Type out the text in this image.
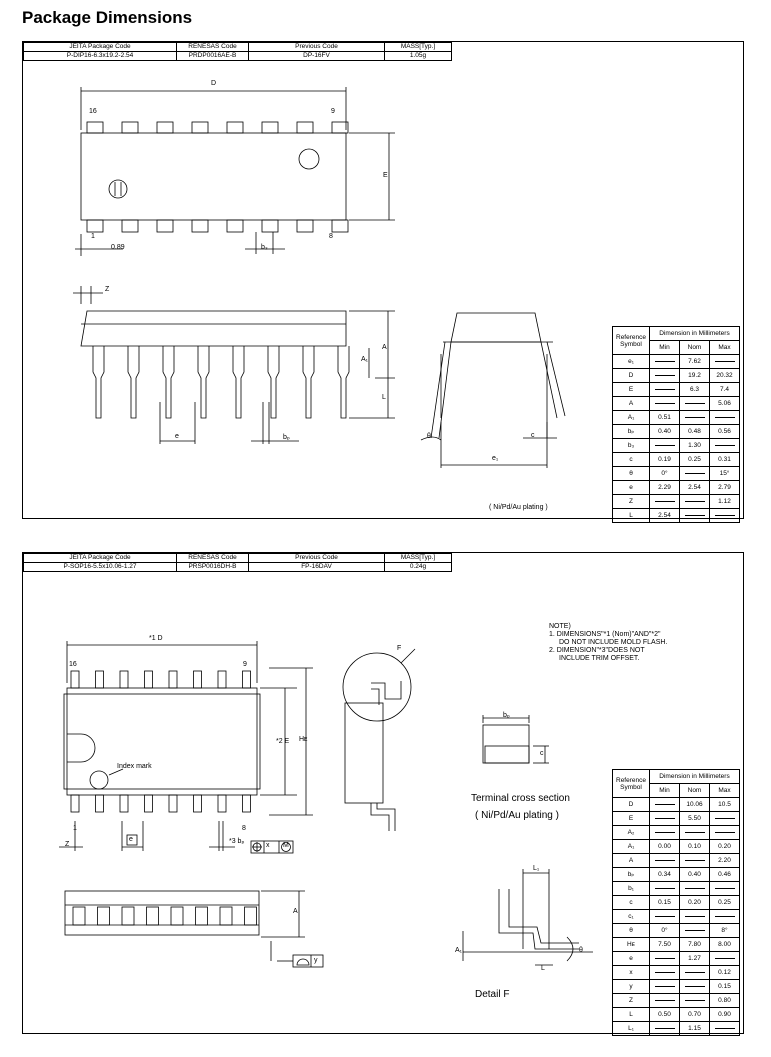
Package Dimensions
JEITA Package Code	RENESAS Code	Previous Code	MASS[Typ.]
P-DIP16-6.3x19.2-2.54	PRDP0016AE-B	DP-16FV	1.05g
D
E
16	9
1	8
0.89	b₃
Z
A₁
A
L
e	bₚ	c
θ
e₁
( Ni/Pd/Au plating )
Reference Symbol	Dimension in Millimeters		
	Min	Nom	Max
e₁		7.62	
D		19.2	20.32
E		6.3	7.4
A			5.06
A₁	0.51		
bₚ	0.40	0.48	0.56
b₃		1.30	
c	0.19	0.25	0.31
θ	0°		15°
e	2.29	2.54	2.79
Z			1.12
L	2.54		
JEITA Package Code	RENESAS Code	Previous Code	MASS[Typ.]
P-SOP16-5.5x10.06-1.27	PRSP0016DH-B	FP-16DAV	0.24g
*1 D
*2 E Hᴇ
16	9
1	8
Index mark
F
Z
e	*3 bₚ
x M
A
y
bₚ
c
L₁
L
A₁	θ
NOTE)
1. DIMENSIONS"*1 (Nom)"AND"*2"
DO NOT INCLUDE MOLD FLASH.
2. DIMENSION"*3"DOES NOT
INCLUDE TRIM OFFSET.
Terminal cross section
( Ni/Pd/Au plating )
Detail F
Reference Symbol	Dimension in Millimeters		
	Min	Nom	Max
D		10.06	10.5
E		5.50	
A₂			
A₁	0.00	0.10	0.20
A			2.20
bₚ	0.34	0.40	0.46
b₁			
c	0.15	0.20	0.25
c₁			
θ	0°		8°
Hᴇ	7.50	7.80	8.00
e		1.27	
x			0.12
y			0.15
Z			0.80
L	0.50	0.70	0.90
L₁		1.15	
